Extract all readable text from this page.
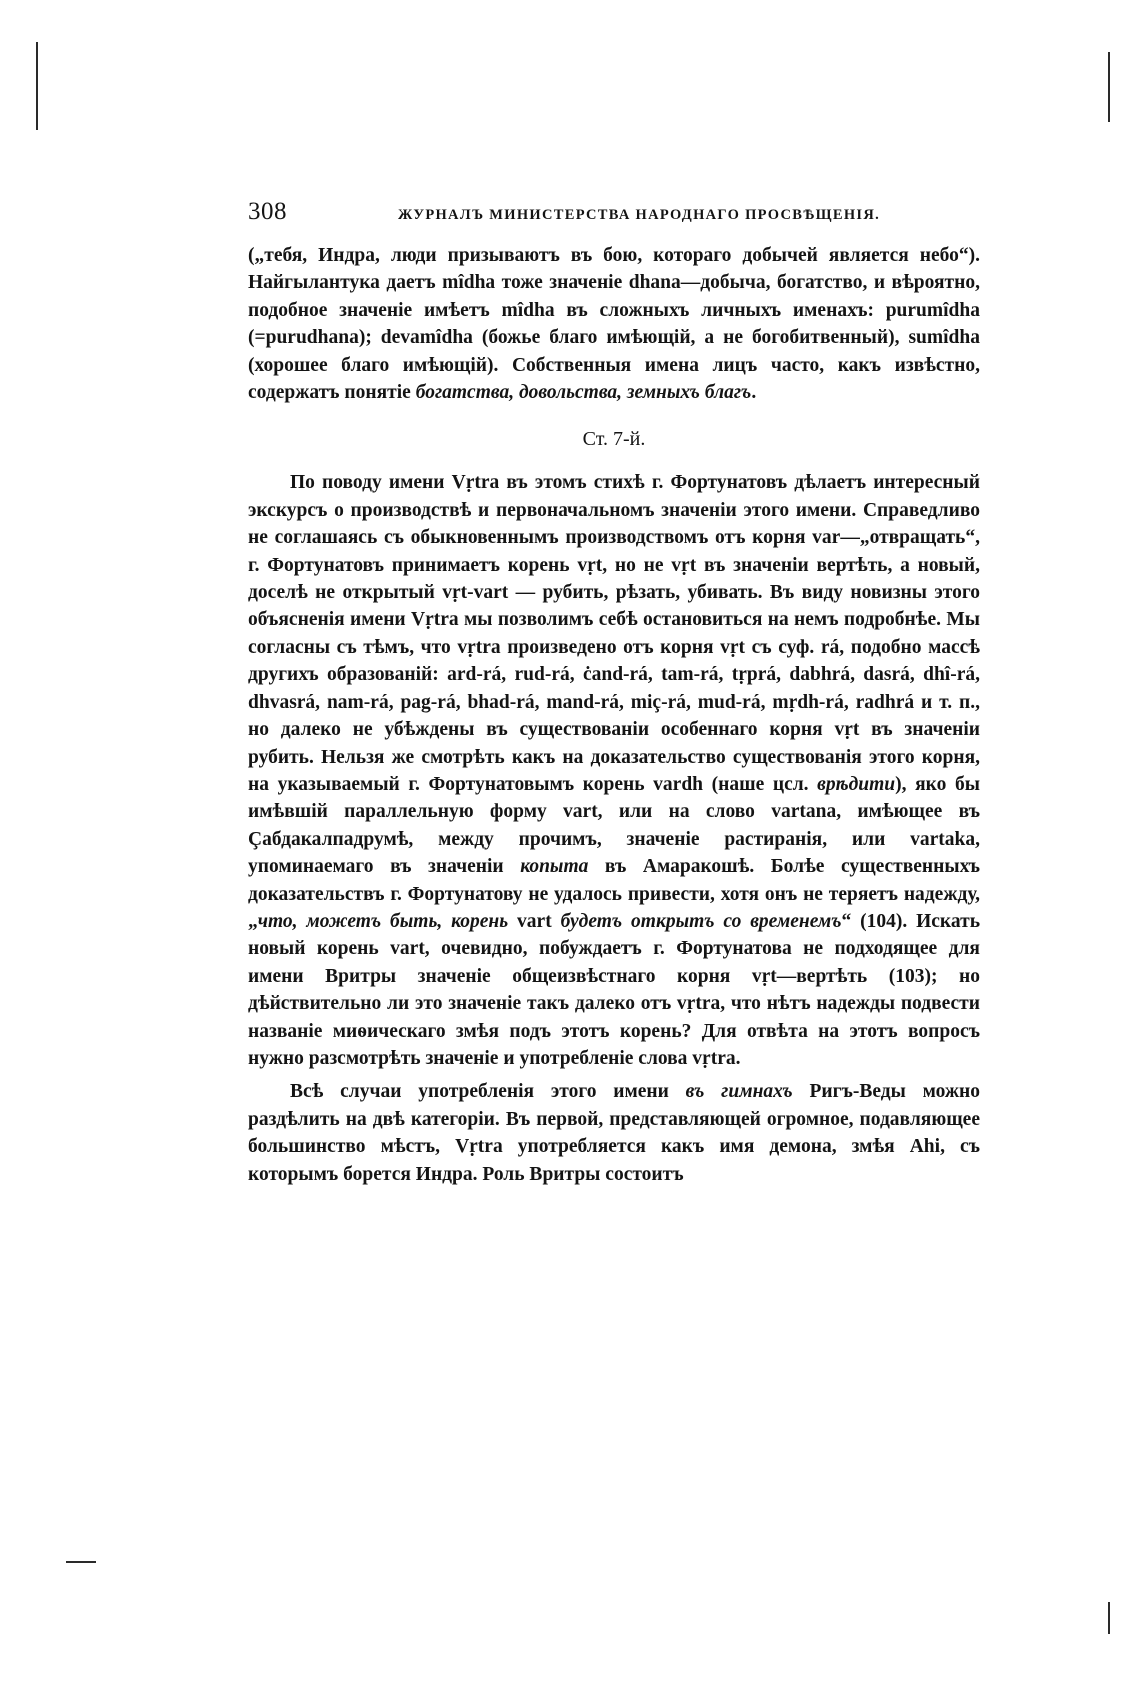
308	ЖУРНАЛЪ МИНИСТЕРСТВА НАРОДНАГО ПРОСВѢЩЕНІЯ.

(„тебя, Индра, люди призываютъ въ бою, котораго добычей является небо“). Найгылантука даетъ mîdha тоже значеніе dhana—добыча, богатство, и вѣроятно, подобное значеніе имѣетъ mîdha въ сложныхъ личныхъ именахъ: purumîdha (=purudhana); devamîdha (божье благо имѣющій, а не богобитвенный), sumîdha (хорошее благо имѣющій). Собственныя имена лицъ часто, какъ извѣстно, содержатъ понятіе богатства, довольства, земныхъ благъ.

Ст. 7-й.

По поводу имени Vṛtra въ этомъ стихѣ г. Фортунатовъ дѣлаетъ интересный экскурсъ о производствѣ и первоначальномъ значеніи этого имени. Справедливо не соглашаясь съ обыкновеннымъ производствомъ отъ корня var—„отвращать“, г. Фортунатовъ принимаетъ корень vṛt, но не vṛt въ значеніи вертѣть, а новый, доселѣ не открытый vṛt-vart — рубить, рѣзать, убивать. Въ виду новизны этого объясненія имени Vṛtra мы позволимъ себѣ остановиться на немъ подробнѣе. Мы согласны съ тѣмъ, что vṛtra произведено отъ корня vṛt съ суф. rá, подобно массѣ другихъ образованій: ard-rá, rud-rá, ċand-rá, tam-rá, tṛprá, dabhrá, dasrá, dhî-rá, dhvasrá, nam-rá, pag-rá, bhad-rá, mand-rá, miç-rá, mud-rá, mṛdh-rá, radhrá и т. п., но далеко не убѣждены въ существованіи особеннаго корня vṛt въ значеніи рубить. Нельзя же смотрѣть какъ на доказательство существованія этого корня, на указываемый г. Фортунатовымъ корень vardh (наше цсл. врѣдити), яко бы имѣвшій параллельную форму vart, или на слово vartana, имѣющее въ Çабдакалпадрумѣ, между прочимъ, значеніе растиранія, или vartaka, упоминаемаго въ значеніи копыта въ Амаракошѣ. Болѣе существенныхъ доказательствъ г. Фортунатову не удалось привести, хотя онъ не теряетъ надежду, „что, можетъ быть, корень vart будетъ открытъ со временемъ“ (104). Искать новый корень vart, очевидно, побуждаетъ г. Фортунатова не подходящее для имени Вритры значеніе общеизвѣстнаго корня vṛt—вертѣть (103); но дѣйствительно ли это значеніе такъ далеко отъ vṛtra, что нѣтъ надежды подвести названіе миѳическаго змѣя подъ этотъ корень? Для отвѣта на этотъ вопросъ нужно разсмотрѣть значеніе и употребленіе слова vṛtra.

Всѣ случаи употребленія этого имени въ гимнахъ Ригъ-Веды можно раздѣлить на двѣ категоріи. Въ первой, представляющей огромное, подавляющее большинство мѣстъ, Vṛtra употребляется какъ имя демона, змѣя Ahi, съ которымъ борется Индра. Роль Вритры состоитъ
